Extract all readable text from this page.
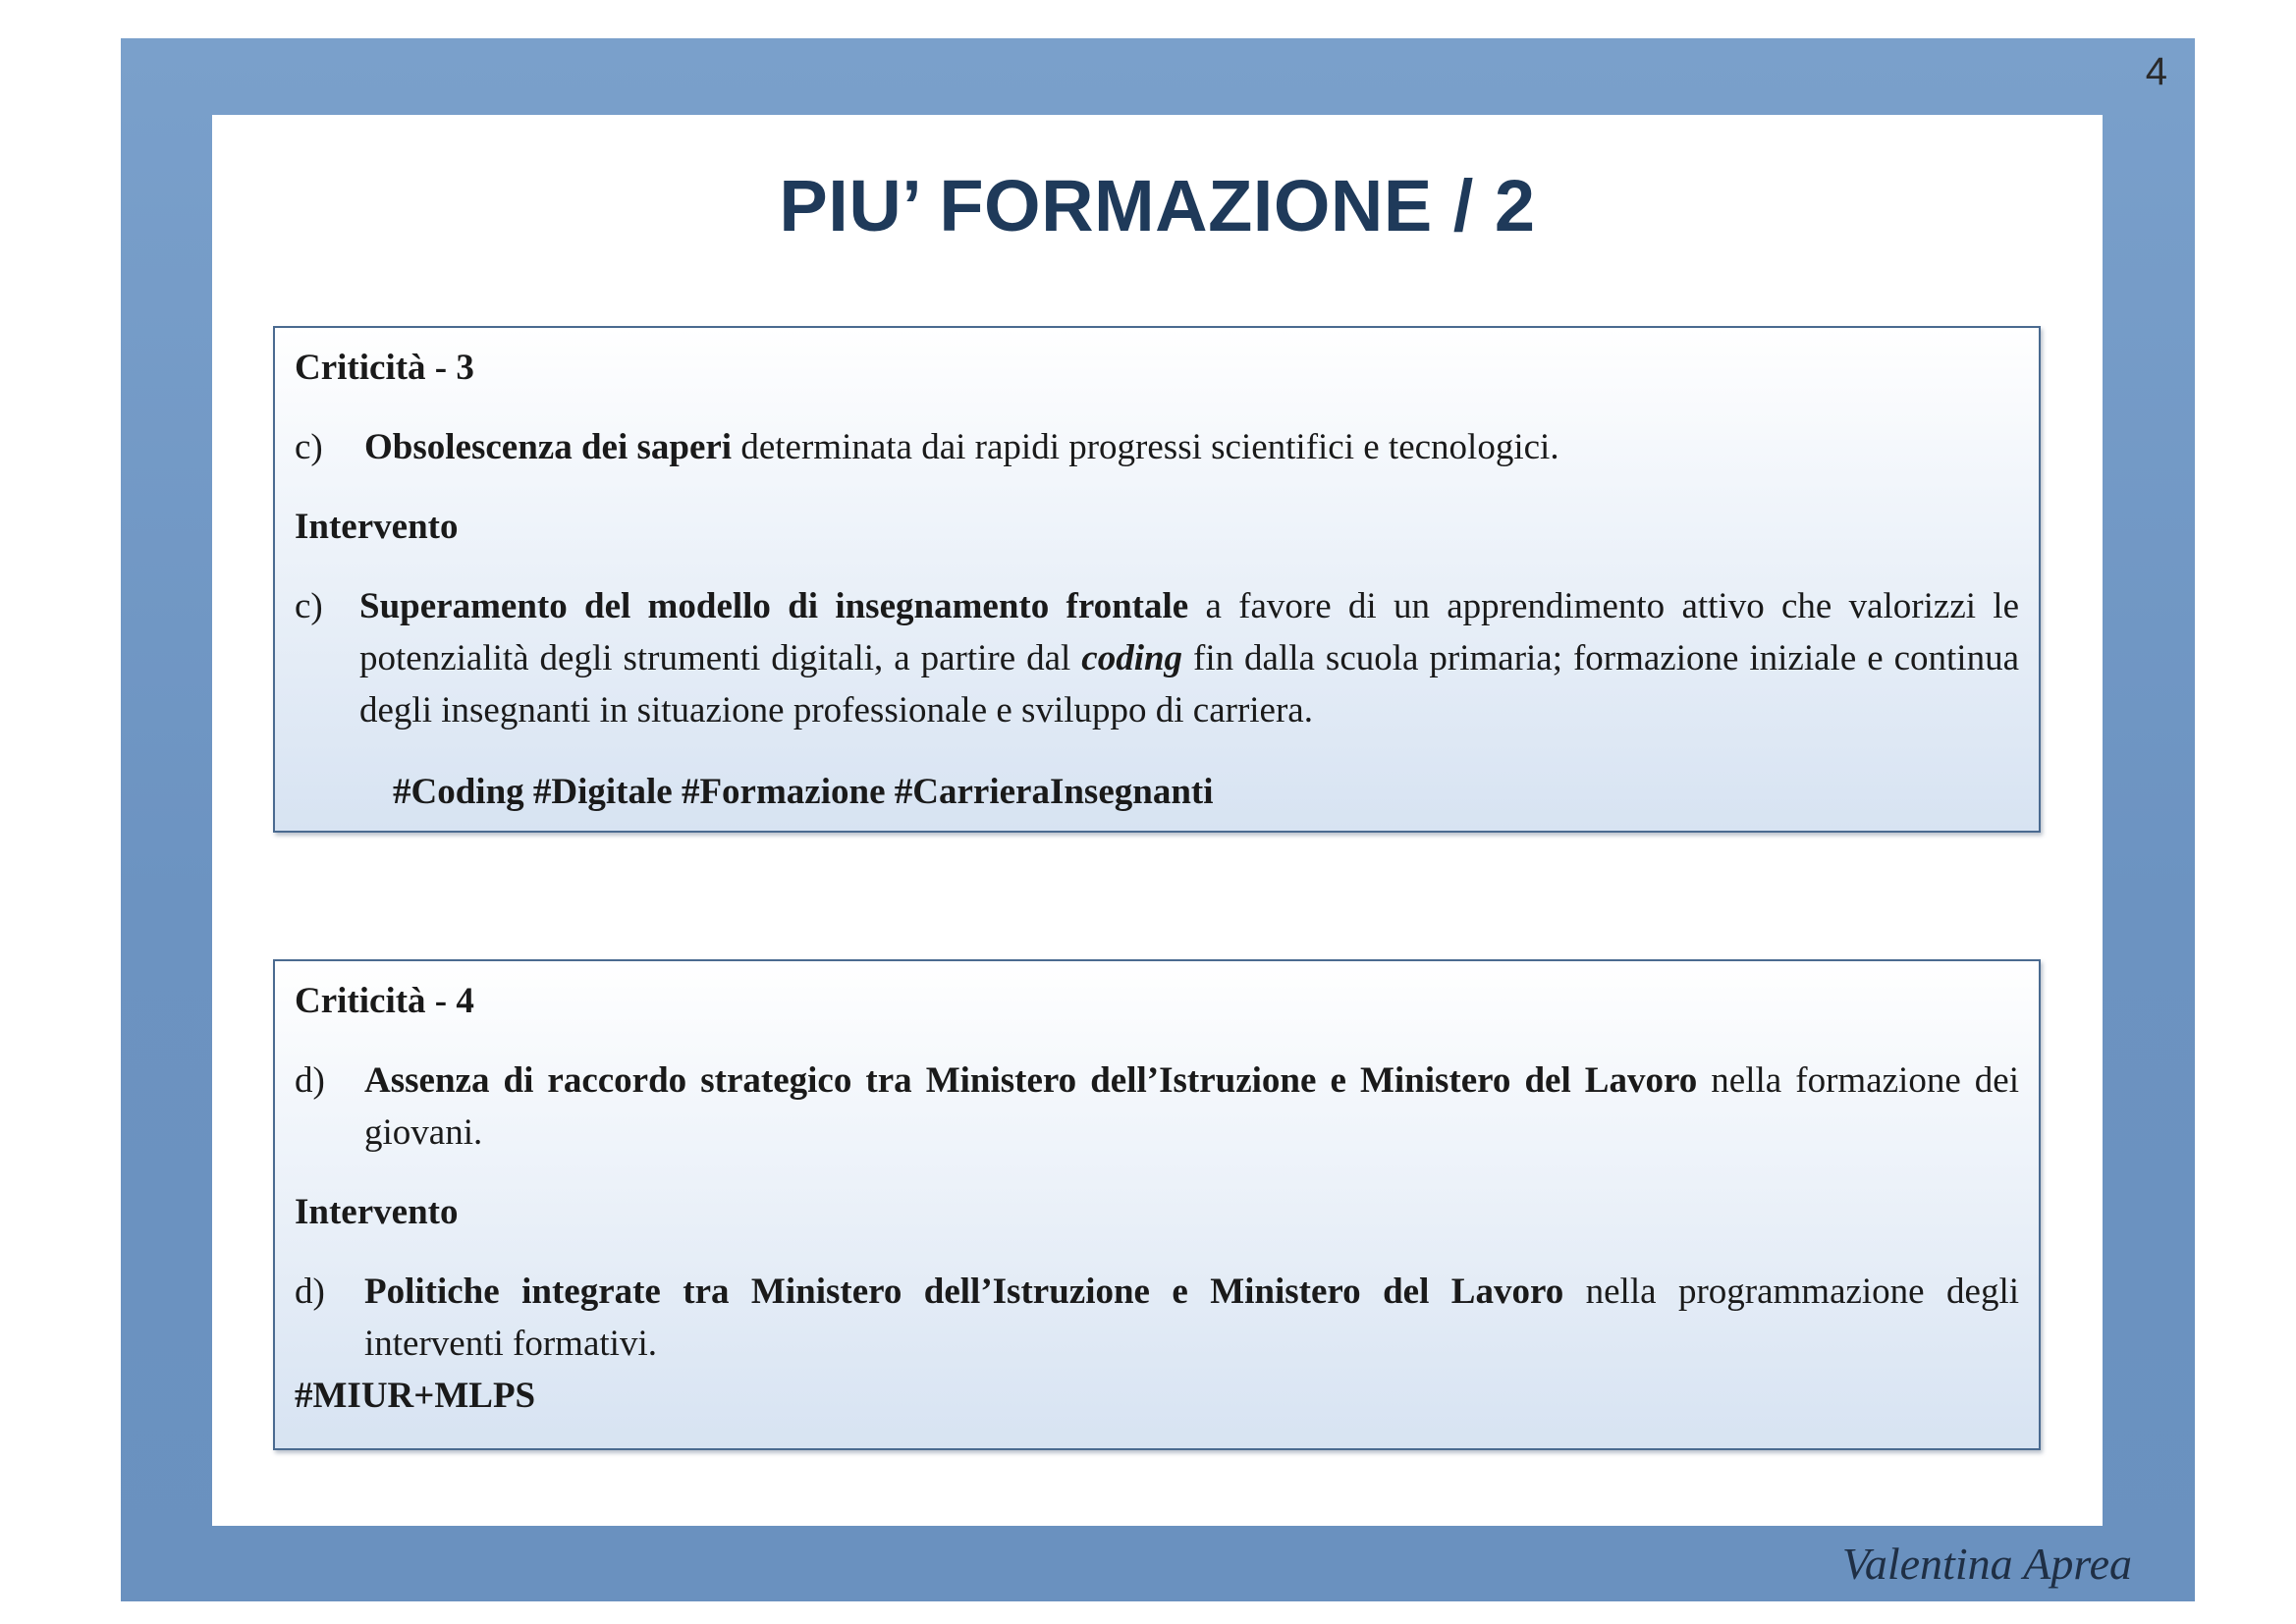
4
PIU’ FORMAZIONE / 2

Criticità - 3

c)	Obsolescenza dei saperi determinata dai rapidi progressi scientifici e tecnologici.

Intervento

c)	Superamento del modello di insegnamento frontale a favore di un apprendimento attivo che valorizzi le potenzialità degli strumenti digitali, a partire dal coding fin dalla scuola primaria; formazione iniziale e continua degli insegnanti in situazione professionale e sviluppo di carriera.

#Coding #Digitale #Formazione #CarrieraInsegnanti

Criticità - 4

d)	Assenza di raccordo strategico tra Ministero dell’Istruzione e Ministero del Lavoro nella formazione dei giovani.

Intervento

d)	Politiche integrate tra Ministero dell’Istruzione e Ministero del Lavoro nella programmazione degli interventi formativi.

#MIUR+MLPS

Valentina Aprea
